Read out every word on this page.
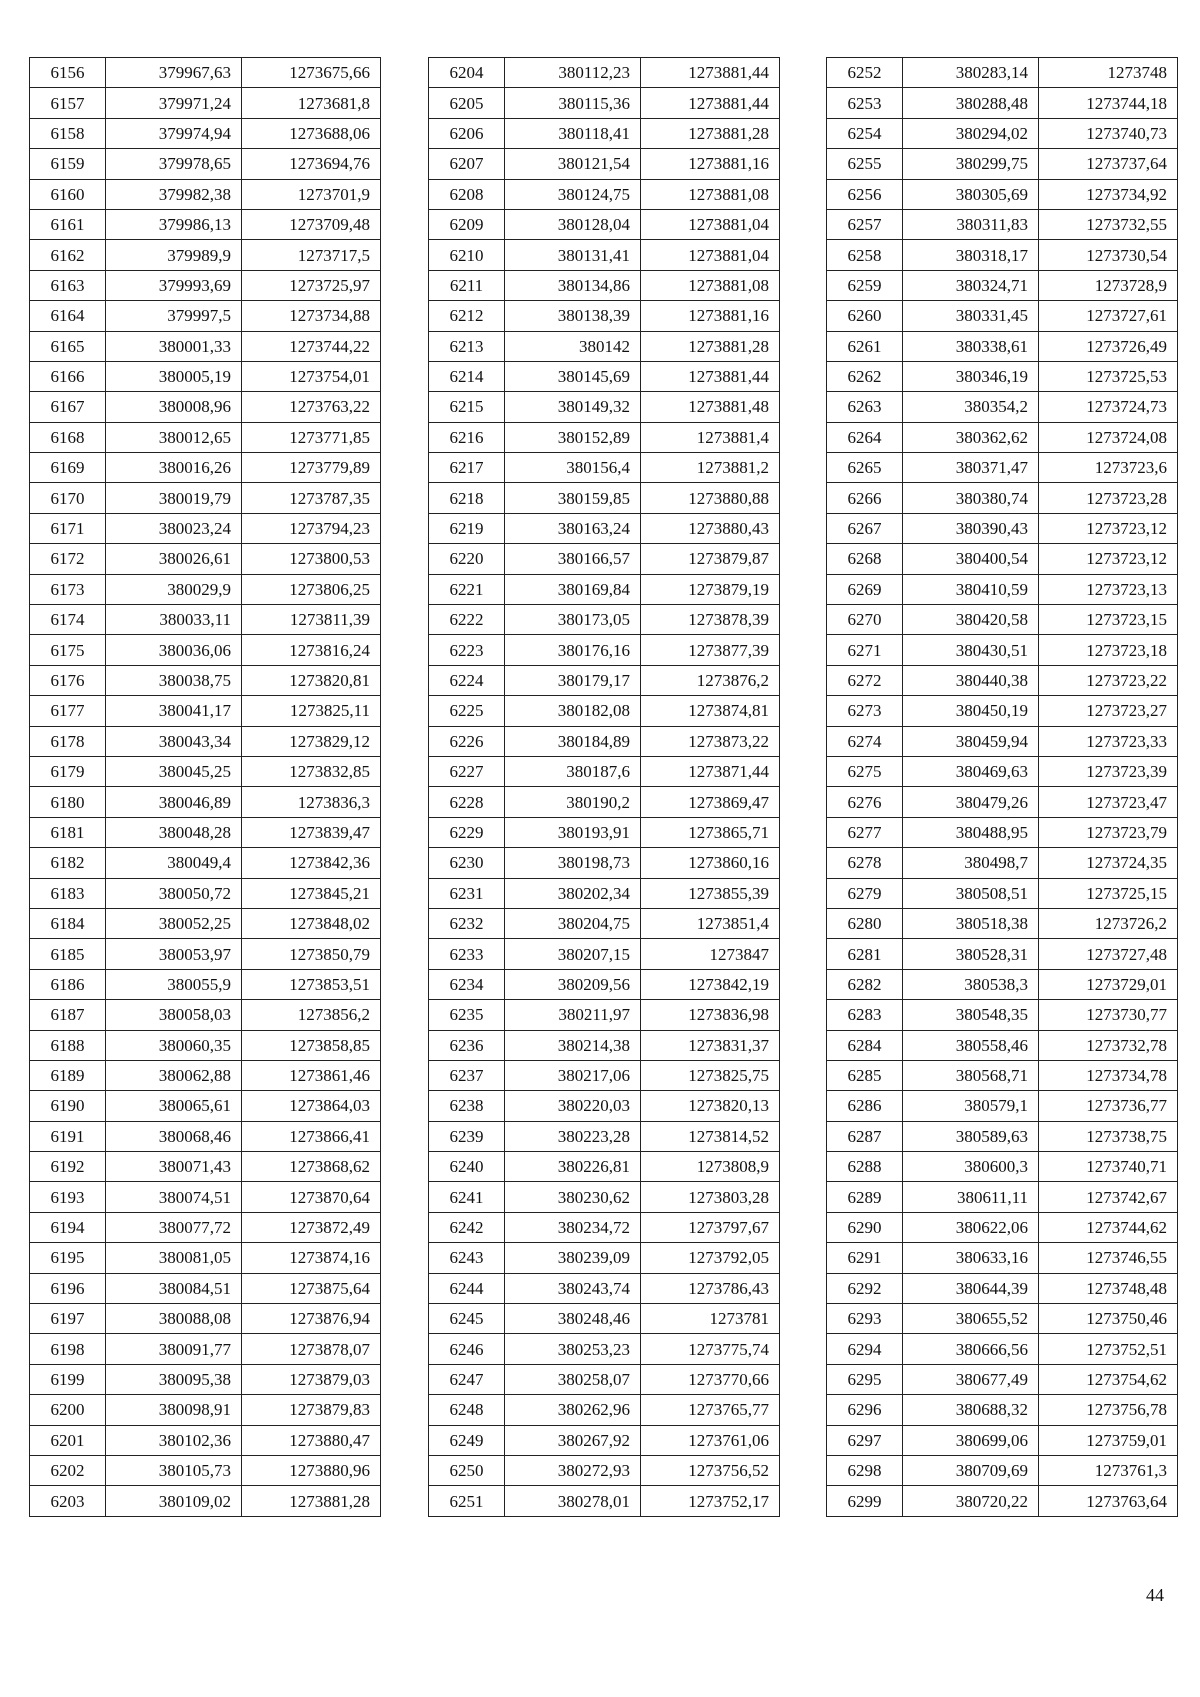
6156	379967,63	1273675,66
6157	379971,24	1273681,8
6158	379974,94	1273688,06
6159	379978,65	1273694,76
6160	379982,38	1273701,9
6161	379986,13	1273709,48
6162	379989,9	1273717,5
6163	379993,69	1273725,97
6164	379997,5	1273734,88
6165	380001,33	1273744,22
6166	380005,19	1273754,01
6167	380008,96	1273763,22
6168	380012,65	1273771,85
6169	380016,26	1273779,89
6170	380019,79	1273787,35
6171	380023,24	1273794,23
6172	380026,61	1273800,53
6173	380029,9	1273806,25
6174	380033,11	1273811,39
6175	380036,06	1273816,24
6176	380038,75	1273820,81
6177	380041,17	1273825,11
6178	380043,34	1273829,12
6179	380045,25	1273832,85
6180	380046,89	1273836,3
6181	380048,28	1273839,47
6182	380049,4	1273842,36
6183	380050,72	1273845,21
6184	380052,25	1273848,02
6185	380053,97	1273850,79
6186	380055,9	1273853,51
6187	380058,03	1273856,2
6188	380060,35	1273858,85
6189	380062,88	1273861,46
6190	380065,61	1273864,03
6191	380068,46	1273866,41
6192	380071,43	1273868,62
6193	380074,51	1273870,64
6194	380077,72	1273872,49
6195	380081,05	1273874,16
6196	380084,51	1273875,64
6197	380088,08	1273876,94
6198	380091,77	1273878,07
6199	380095,38	1273879,03
6200	380098,91	1273879,83
6201	380102,36	1273880,47
6202	380105,73	1273880,96
6203	380109,02	1273881,28
6204	380112,23	1273881,44
6205	380115,36	1273881,44
6206	380118,41	1273881,28
6207	380121,54	1273881,16
6208	380124,75	1273881,08
6209	380128,04	1273881,04
6210	380131,41	1273881,04
6211	380134,86	1273881,08
6212	380138,39	1273881,16
6213	380142	1273881,28
6214	380145,69	1273881,44
6215	380149,32	1273881,48
6216	380152,89	1273881,4
6217	380156,4	1273881,2
6218	380159,85	1273880,88
6219	380163,24	1273880,43
6220	380166,57	1273879,87
6221	380169,84	1273879,19
6222	380173,05	1273878,39
6223	380176,16	1273877,39
6224	380179,17	1273876,2
6225	380182,08	1273874,81
6226	380184,89	1273873,22
6227	380187,6	1273871,44
6228	380190,2	1273869,47
6229	380193,91	1273865,71
6230	380198,73	1273860,16
6231	380202,34	1273855,39
6232	380204,75	1273851,4
6233	380207,15	1273847
6234	380209,56	1273842,19
6235	380211,97	1273836,98
6236	380214,38	1273831,37
6237	380217,06	1273825,75
6238	380220,03	1273820,13
6239	380223,28	1273814,52
6240	380226,81	1273808,9
6241	380230,62	1273803,28
6242	380234,72	1273797,67
6243	380239,09	1273792,05
6244	380243,74	1273786,43
6245	380248,46	1273781
6246	380253,23	1273775,74
6247	380258,07	1273770,66
6248	380262,96	1273765,77
6249	380267,92	1273761,06
6250	380272,93	1273756,52
6251	380278,01	1273752,17
6252	380283,14	1273748
6253	380288,48	1273744,18
6254	380294,02	1273740,73
6255	380299,75	1273737,64
6256	380305,69	1273734,92
6257	380311,83	1273732,55
6258	380318,17	1273730,54
6259	380324,71	1273728,9
6260	380331,45	1273727,61
6261	380338,61	1273726,49
6262	380346,19	1273725,53
6263	380354,2	1273724,73
6264	380362,62	1273724,08
6265	380371,47	1273723,6
6266	380380,74	1273723,28
6267	380390,43	1273723,12
6268	380400,54	1273723,12
6269	380410,59	1273723,13
6270	380420,58	1273723,15
6271	380430,51	1273723,18
6272	380440,38	1273723,22
6273	380450,19	1273723,27
6274	380459,94	1273723,33
6275	380469,63	1273723,39
6276	380479,26	1273723,47
6277	380488,95	1273723,79
6278	380498,7	1273724,35
6279	380508,51	1273725,15
6280	380518,38	1273726,2
6281	380528,31	1273727,48
6282	380538,3	1273729,01
6283	380548,35	1273730,77
6284	380558,46	1273732,78
6285	380568,71	1273734,78
6286	380579,1	1273736,77
6287	380589,63	1273738,75
6288	380600,3	1273740,71
6289	380611,11	1273742,67
6290	380622,06	1273744,62
6291	380633,16	1273746,55
6292	380644,39	1273748,48
6293	380655,52	1273750,46
6294	380666,56	1273752,51
6295	380677,49	1273754,62
6296	380688,32	1273756,78
6297	380699,06	1273759,01
6298	380709,69	1273761,3
6299	380720,22	1273763,64
44
